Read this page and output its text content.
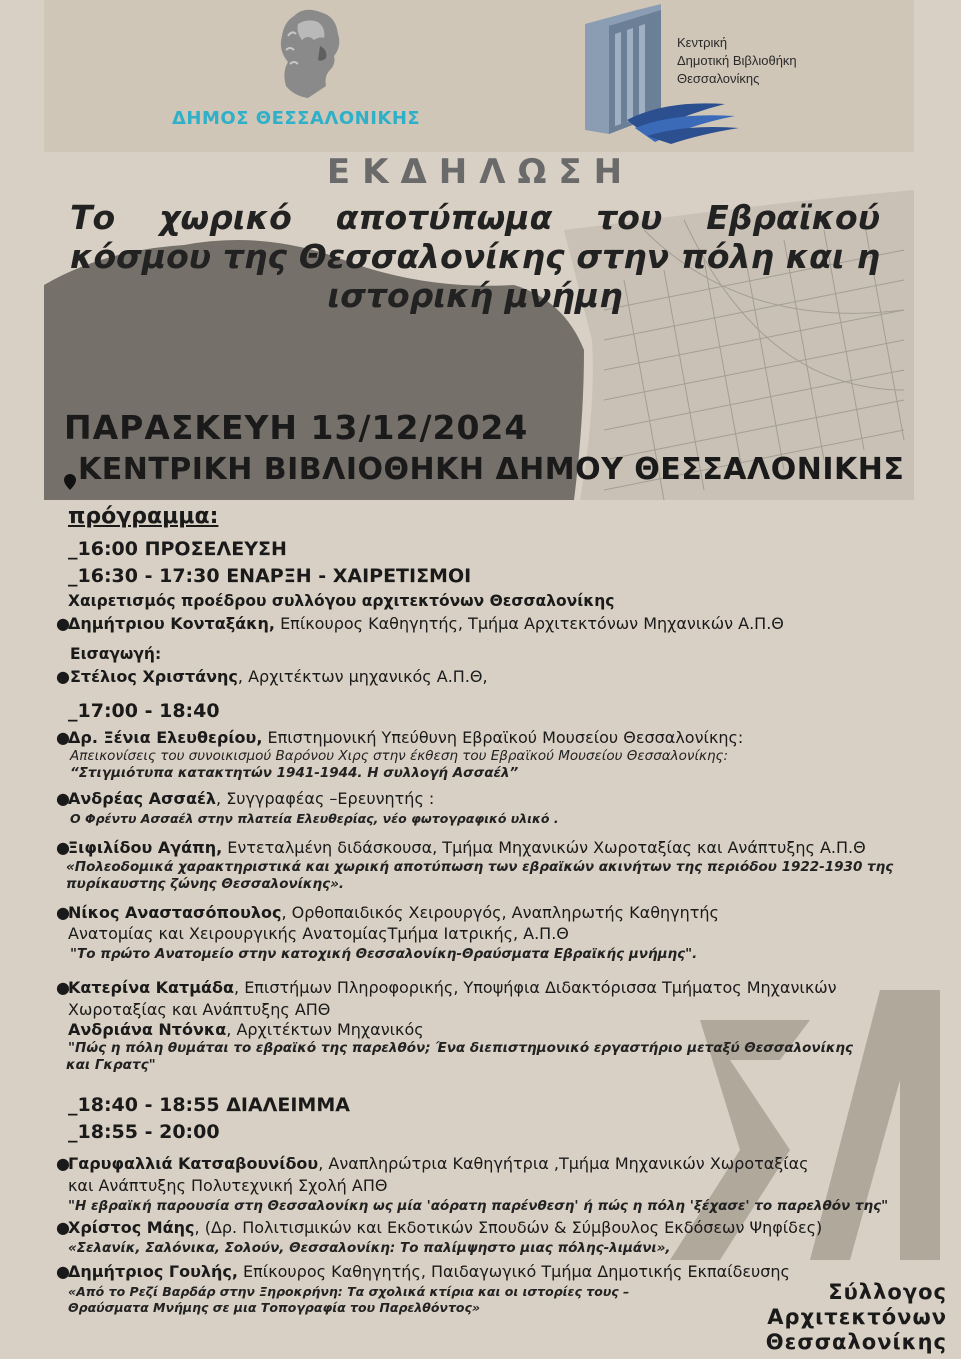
ΔΗΜΟΣ ΘΕΣΣΑΛΟΝΙΚΗΣ
Κεντρική
Δημοτική Βιβλιοθήκη
Θεσσαλονίκης
ΕΚΔΗΛΩΣΗ
Το χωρικό αποτύπωμα του Εβραϊκού
κόσμου της Θεσσαλονίκης στην πόλη και η
ιστορική μνήμη
ΠΑΡΑΣΚΕΥΗ 13/12/2024
ΚΕΝΤΡΙΚΗ ΒΙΒΛΙΟΘΗΚΗ ΔΗΜΟΥ ΘΕΣΣΑΛΟΝΙΚΗΣ
πρόγραμμα:
_16:00 ΠΡΟΣΕΛΕΥΣΗ
_16:30 - 17:30 ΕΝΑΡΞΗ - ΧΑΙΡΕΤΙΣΜΟΙ
Χαιρετισμός προέδρου συλλόγου αρχιτεκτόνων Θεσσαλονίκης
●
Δημήτριου Κονταξάκη, Επίκουρος Καθηγητής, Τμήμα Αρχιτεκτόνων Μηχανικών Α.Π.Θ
Εισαγωγή:
● Στέλιος Χριστάνης, Αρχιτέκτων μηχανικός Α.Π.Θ,
_17:00 - 18:40
●
Δρ. Ξένια Ελευθερίου, Επιστημονική Υπεύθυνη Εβραϊκού Μουσείου Θεσσαλονίκης:
Απεικονίσεις του συνοικισμού Βαρόνου Χιρς στην έκθεση του Εβραϊκού Μουσείου Θεσσαλονίκης:
“Στιγμιότυπα κατακτητών 1941-1944. Η συλλογή Ασσαέλ”
●
Ανδρέας Ασσαέλ, Συγγραφέας –Ερευνητής :
Ο Φρέντυ Ασσαέλ στην πλατεία Ελευθερίας, νέο φωτογραφικό υλικό .
●
Ξιφιλίδου Αγάπη, Εντεταλμένη διδάσκουσα, Τμήμα Μηχανικών Χωροταξίας και Ανάπτυξης Α.Π.Θ
«Πολεοδομικά χαρακτηριστικά και χωρική αποτύπωση των εβραϊκών ακινήτων της περιόδου 1922-1930 της
πυρίκαυστης ζώνης Θεσσαλονίκης».
●
Νίκος Αναστασόπουλος, Ορθοπαιδικός Χειρουργός, Αναπληρωτής Καθηγητής
Ανατομίας και Χειρουργικής ΑνατομίαςΤμήμα Ιατρικής, Α.Π.Θ
"Το πρώτο Ανατομείο στην κατοχική Θεσσαλονίκη-Θραύσματα Εβραϊκής μνήμης".
●
Κατερίνα Κατμάδα, Επιστήμων Πληροφορικής, Υποψήφια Διδακτόρισσα Τμήματος Μηχανικών
Χωροταξίας και Ανάπτυξης ΑΠΘ
Ανδριάνα Ντόνκα, Αρχιτέκτων Μηχανικός
"Πώς η πόλη θυμάται το εβραϊκό της παρελθόν; Ένα διεπιστημονικό εργαστήριο μεταξύ Θεσσαλονίκης
και Γκρατς"
_18:40 - 18:55 ΔΙΑΛΕΙΜΜΑ
_18:55 - 20:00
●
Γαρυφαλλιά Κατσαβουνίδου, Αναπληρώτρια Καθηγήτρια ,Τμήμα Μηχανικών Χωροταξίας
και Ανάπτυξης Πολυτεχνική Σχολή ΑΠΘ
"Η εβραϊκή παρουσία στη Θεσσαλονίκη ως μία 'αόρατη παρένθεση' ή πώς η πόλη 'ξέχασε' το παρελθόν της"
●
Χρίστος Μάης, (Δρ. Πολιτισμικών και Εκδοτικών Σπουδών & Σύμβουλος Εκδόσεων Ψηφίδες)
«Σελανίκ, Σαλόνικα, Σολούν, Θεσσαλονίκη: Το παλίμψηστο μιας πόλης-λιμάνι»,
●
Δημήτριος Γουλής, Επίκουρος Καθηγητής, Παιδαγωγικό Τμήμα Δημοτικής Εκπαίδευσης
«Από το Ρεζί Βαρδάρ στην Ξηροκρήνη: Τα σχολικά κτίρια και οι ιστορίες τους –
Θραύσματα Μνήμης σε μια Τοπογραφία του Παρελθόντος»
Σύλλογος
Αρχιτεκτόνων
Θεσσαλονίκης
